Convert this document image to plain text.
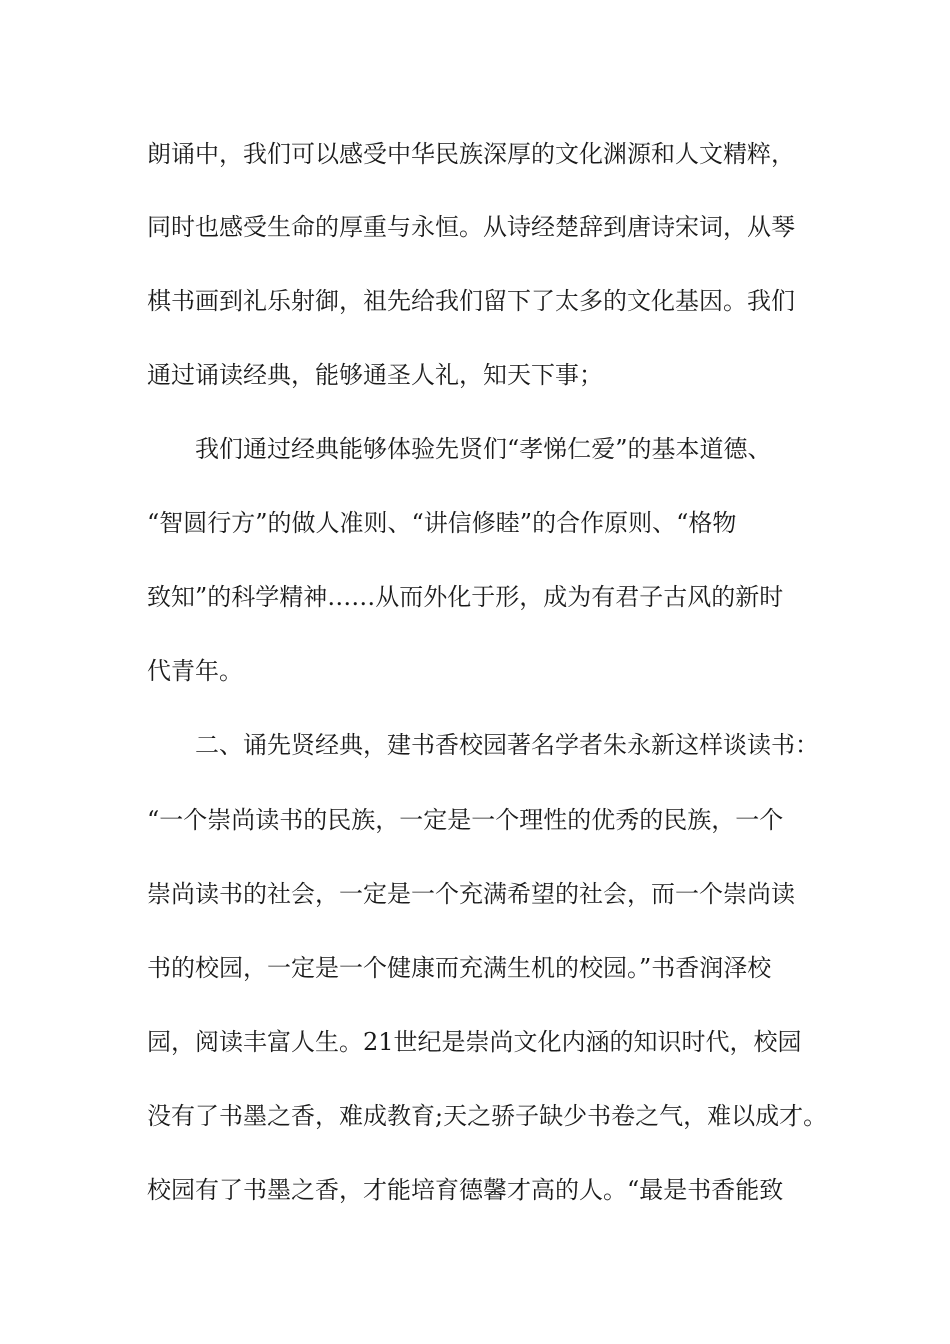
朗诵中，我们可以感受中华民族深厚的文化渊源和人文精粹，
同时也感受生命的厚重与永恒。从诗经楚辞到唐诗宋词，从琴
棋书画到礼乐射御，祖先给我们留下了太多的文化基因。我们
通过诵读经典，能够通圣人礼，知天下事；
我们通过经典能够体验先贤们“孝悌仁爱”的基本道德、
“智圆行方”的做人准则、“讲信修睦”的合作原则、“格物
致知”的科学精神……从而外化于形，成为有君子古风的新时
代青年。
二、诵先贤经典，建书香校园著名学者朱永新这样谈读书：
“一个崇尚读书的民族，一定是一个理性的优秀的民族，一个
崇尚读书的社会，一定是一个充满希望的社会，而一个崇尚读
书的校园，一定是一个健康而充满生机的校园。”书香润泽校
园，阅读丰富人生。21世纪是崇尚文化内涵的知识时代，校园
没有了书墨之香，难成教育;天之骄子缺少书卷之气，难以成才。
校园有了书墨之香，才能培育德馨才高的人。“最是书香能致
